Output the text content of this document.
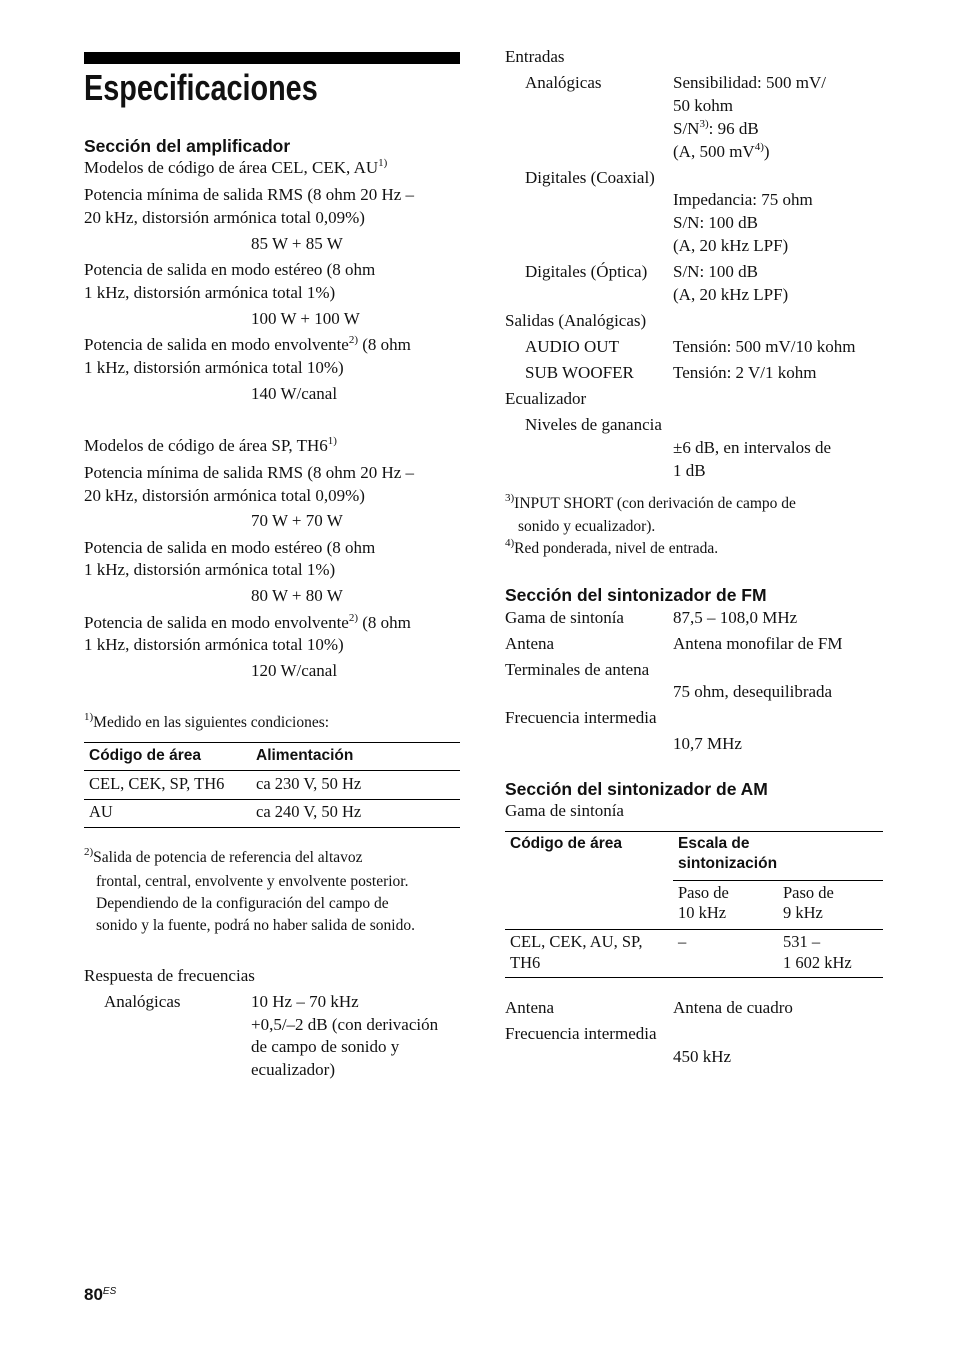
Especificaciones
Sección del amplificador
Modelos de código de área CEL, CEK, AU$^{1)}$
Potencia mínima de salida RMS (8 ohm 20 Hz –
20 kHz, distorsión armónica total 0,09%)
85 W + 85 W
Potencia de salida en modo estéreo (8 ohm
1 kHz, distorsión armónica total 1%)
100 W + 100 W
Potencia de salida en modo envolvente$^{2)}$ (8 ohm
1 kHz, distorsión armónica total 10%)
140 W/canal
Modelos de código de área SP, TH6$^{1)}$
Potencia mínima de salida RMS (8 ohm 20 Hz –
20 kHz, distorsión armónica total 0,09%)
70 W + 70 W
Potencia de salida en modo estéreo (8 ohm
1 kHz, distorsión armónica total 1%)
80 W + 80 W
Potencia de salida en modo envolvente$^{2)}$ (8 ohm
1 kHz, distorsión armónica total 10%)
120 W/canal
$^{1)}$Medido en las siguientes condiciones:
Código de área	Alimentación
CEL, CEK, SP, TH6 ca 230 V, 50 Hz
AU	ca 240 V, 50 Hz
$^{2)}$Salida de potencia de referencia del altavoz
frontal, central, envolvente y envolvente posterior.
Dependiendo de la configuración del campo de
sonido y la fuente, podrá no haber salida de sonido.
Respuesta de frecuencias
Analógicas	10 Hz – 70 kHz
+0,5/–2 dB (con derivación
de campo de sonido y
ecualizador)
Entradas
Analógicas	Sensibilidad: 500 mV/
50 kohm
$S/N^{3)}$: 96 dB
(A, 500 $mV^{4)}$)
Digitales (Coaxial)
Impedancia: 75 ohm
S/N: 100 dB
(A, 20 kHz LPF)
Digitales (Óptica) S/N: 100 dB
(A, 20 kHz LPF)
Salidas (Analógicas)
AUDIO OUT	Tensión: 500 mV/10 kohm
SUB WOOFER Tensión: 2 V/1 kohm
Ecualizador
Niveles de ganancia
±6 dB, en intervalos de
1 dB
$^{3)}$INPUT SHORT (con derivación de campo de
sonido y ecualizador).
$^{4)}$Red ponderada, nivel de entrada.
Sección del sintonizador de FM
Gama de sintonía	87,5 – 108,0 MHz
Antena	Antena monofilar de FM
Terminales de antena
75 ohm, desequilibrada
Frecuencia intermedia
10,7 MHz
Sección del sintonizador de AM
Gama de sintonía
Código de área	Escala de
sintonización
Paso de
10 kHz
Paso de
9 kHz
CEL, CEK, AU, SP,
TH6
–	531 –
1 602 kHz
Antena	Antena de cuadro
Frecuencia intermedia
450 kHz
$80^{ES}$
